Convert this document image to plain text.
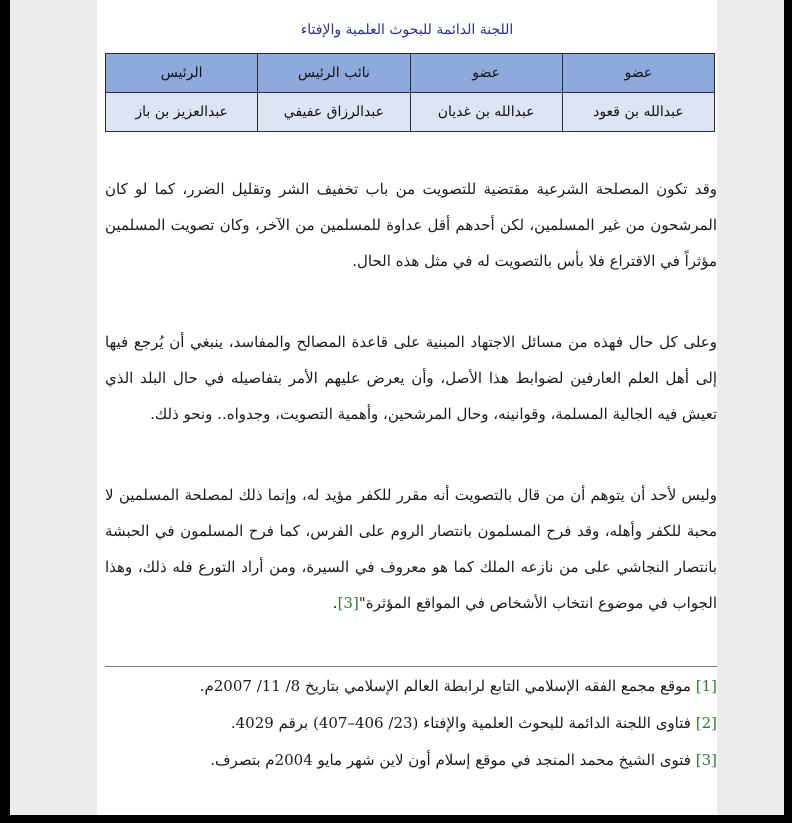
اللجنة الدائمة للبحوث العلمية والإفتاء
عضو	عضو	نائب الرئيس	الرئيس
عبدالله بن قعود	عبدالله بن غديان	عبدالرزاق عفيفي	عبدالعزيز بن باز
وقد تكون المصلحة الشرعية مقتضية للتصويت من باب تخفيف الشر وتقليل الضرر، كما لو كان المرشحون من غير المسلمين، لكن أحدهم أقل عداوة للمسلمين من الآخر، وكان تصويت المسلمين مؤثراً في الاقتراع فلا بأس بالتصويت له في مثل هذه الحال.
وعلى كل حال فهذه من مسائل الاجتهاد المبنية على قاعدة المصالح والمفاسد، ينبغي أن يُرجع فيها إلى أهل العلم العارفين لضوابط هذا الأصل، وأن يعرض عليهم الأمر بتفاصيله في حال البلد الذي تعيش فيه الجالية المسلمة، وقوانينه، وحال المرشحين، وأهمية التصويت، وجدواه.. ونحو ذلك.
وليس لأحد أن يتوهم أن من قال بالتصويت أنه مقرر للكفر مؤيد له، وإنما ذلك لمصلحة المسلمين لا محبة للكفر وأهله، وقد فرح المسلمون بانتصار الروم على الفرس، كما فرح المسلمون في الحبشة بانتصار النجاشي على من نازعه الملك كما هو معروف في السيرة، ومن أراد التورع فله ذلك، وهذا الجواب في موضوع انتخاب الأشخاص في المواقع المؤثرة"[3].
[1] موقع مجمع الفقه الإسلامي التابع لرابطة العالم الإسلامي بتاريخ 8/ 11/ 2007م.
[2] فتاوى اللجنة الدائمة للبحوث العلمية والإفتاء (23/ 406–407) برقم 4029.
[3] فتوى الشيخ محمد المنجد في موقع إسلام أون لاين شهر مايو 2004م بتصرف.
